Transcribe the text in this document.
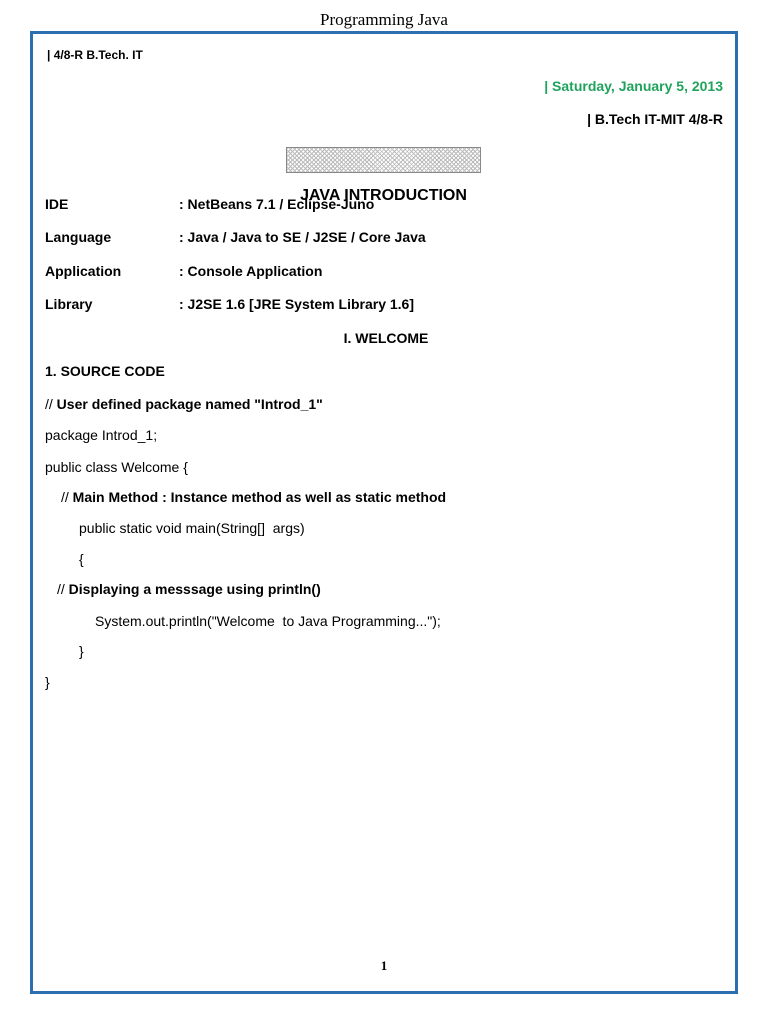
Programming Java
| 4/8-R B.Tech. IT
| Saturday, January 5, 2013
| B.Tech IT-MIT 4/8-R

JAVA INTRODUCTION

IDE	: NetBeans 7.1 / Eclipse-Juno
Language	: Java / Java to SE / J2SE / Core Java
Application	: Console Application
Library	: J2SE 1.6 [JRE System Library 1.6]
I. WELCOME
1. SOURCE CODE
// User defined package named "Introd_1"
package Introd_1;
public class Welcome {
// Main Method : Instance method as well as static method
public static void main(String[]  args)
{
// Displaying a messsage using println()
System.out.println("Welcome  to Java Programming...");
}
}
1
